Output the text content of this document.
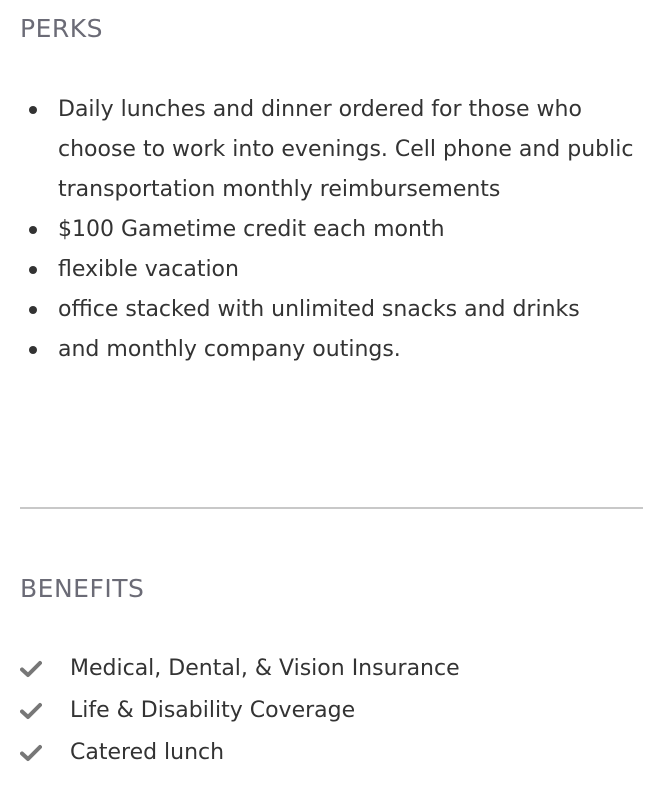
PERKS
Daily lunches and dinner ordered for those who choose to work into evenings. Cell phone and public transportation monthly reimbursements
$100 Gametime credit each month
flexible vacation
office stacked with unlimited snacks and drinks
and monthly company outings.
BENEFITS
Medical, Dental, & Vision Insurance
Life & Disability Coverage
Catered lunch
